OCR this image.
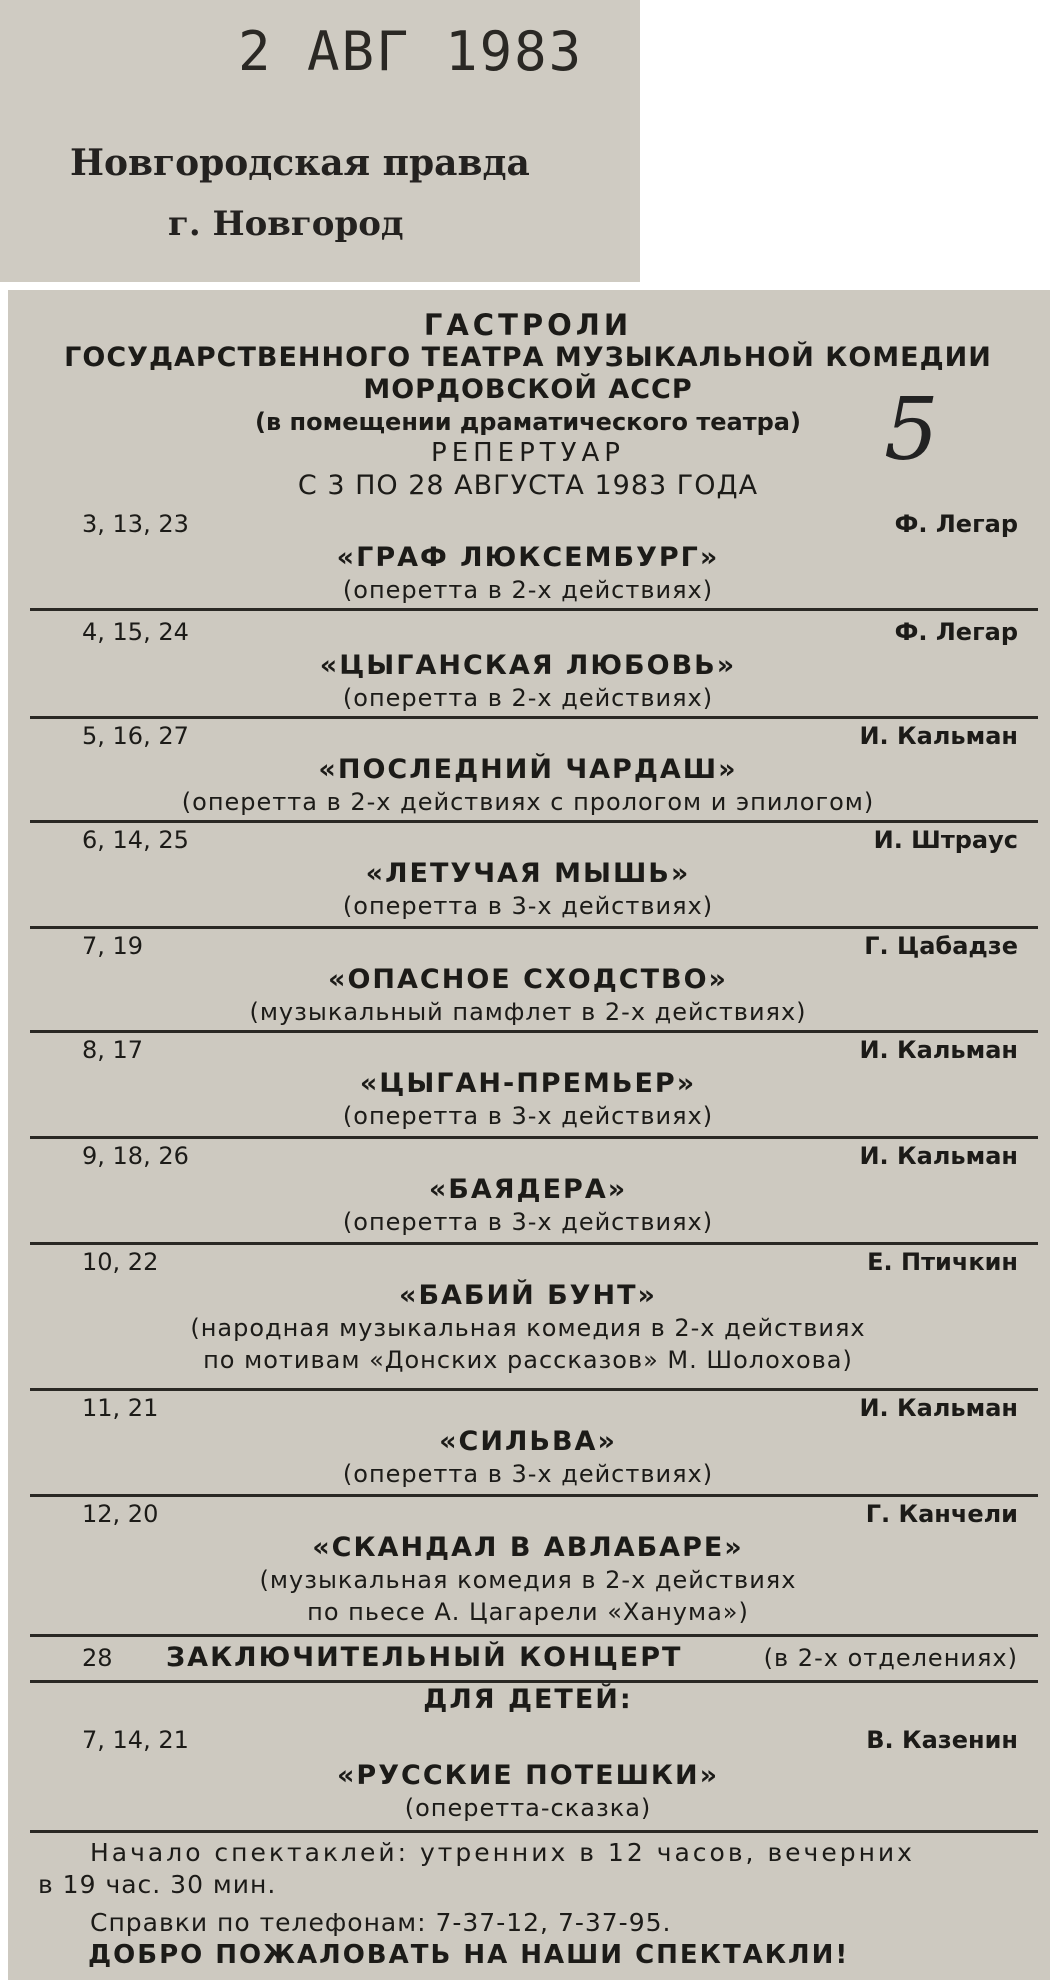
2 АВГ 1983
Новгородская правда
г. Новгород
ГАСТРОЛИ
ГОСУДАРСТВЕННОГО ТЕАТРА МУЗЫКАЛЬНОЙ КОМЕДИИ
МОРДОВСКОЙ АССР
(в помещении драматического театра)
РЕПЕРТУАР
С 3 ПО 28 АВГУСТА 1983 ГОДА
5
3, 13, 23	Ф. Легар
«ГРАФ ЛЮКСЕМБУРГ»
(оперетта в 2-х действиях)
4, 15, 24	Ф. Легар
«ЦЫГАНСКАЯ ЛЮБОВЬ»
(оперетта в 2-х действиях)
5, 16, 27	И. Кальман
«ПОСЛЕДНИЙ ЧАРДАШ»
(оперетта в 2-х действиях с прологом и эпилогом)
6, 14, 25	И. Штраус
«ЛЕТУЧАЯ МЫШЬ»
(оперетта в 3-х действиях)
7, 19	Г. Цабадзе
«ОПАСНОЕ СХОДСТВО»
(музыкальный памфлет в 2-х действиях)
8, 17	И. Кальман
«ЦЫГАН-ПРЕМЬЕР»
(оперетта в 3-х действиях)
9, 18, 26	И. Кальман
«БАЯДЕРА»
(оперетта в 3-х действиях)
10, 22	Е. Птичкин
«БАБИЙ БУНТ»
(народная музыкальная комедия в 2-х действиях
по мотивам «Донских рассказов» М. Шолохова)
11, 21	И. Кальман
«СИЛЬВА»
(оперетта в 3-х действиях)
12, 20	Г. Канчели
«СКАНДАЛ В АВЛАБАРЕ»
(музыкальная комедия в 2-х действиях
по пьесе А. Цагарели «Ханума»)
28 ЗАКЛЮЧИТЕЛЬНЫЙ КОНЦЕРТ	(в 2-х отделениях)
ДЛЯ ДЕТЕЙ:
7, 14, 21	В. Казенин
«РУССКИЕ ПОТЕШКИ»
(оперетта-сказка)
Начало спектаклей: утренних в 12 часов, вечерних
в 19 час. 30 мин.
Справки по телефонам: 7-37-12, 7-37-95.
ДОБРО ПОЖАЛОВАТЬ НА НАШИ СПЕКТАКЛИ!
